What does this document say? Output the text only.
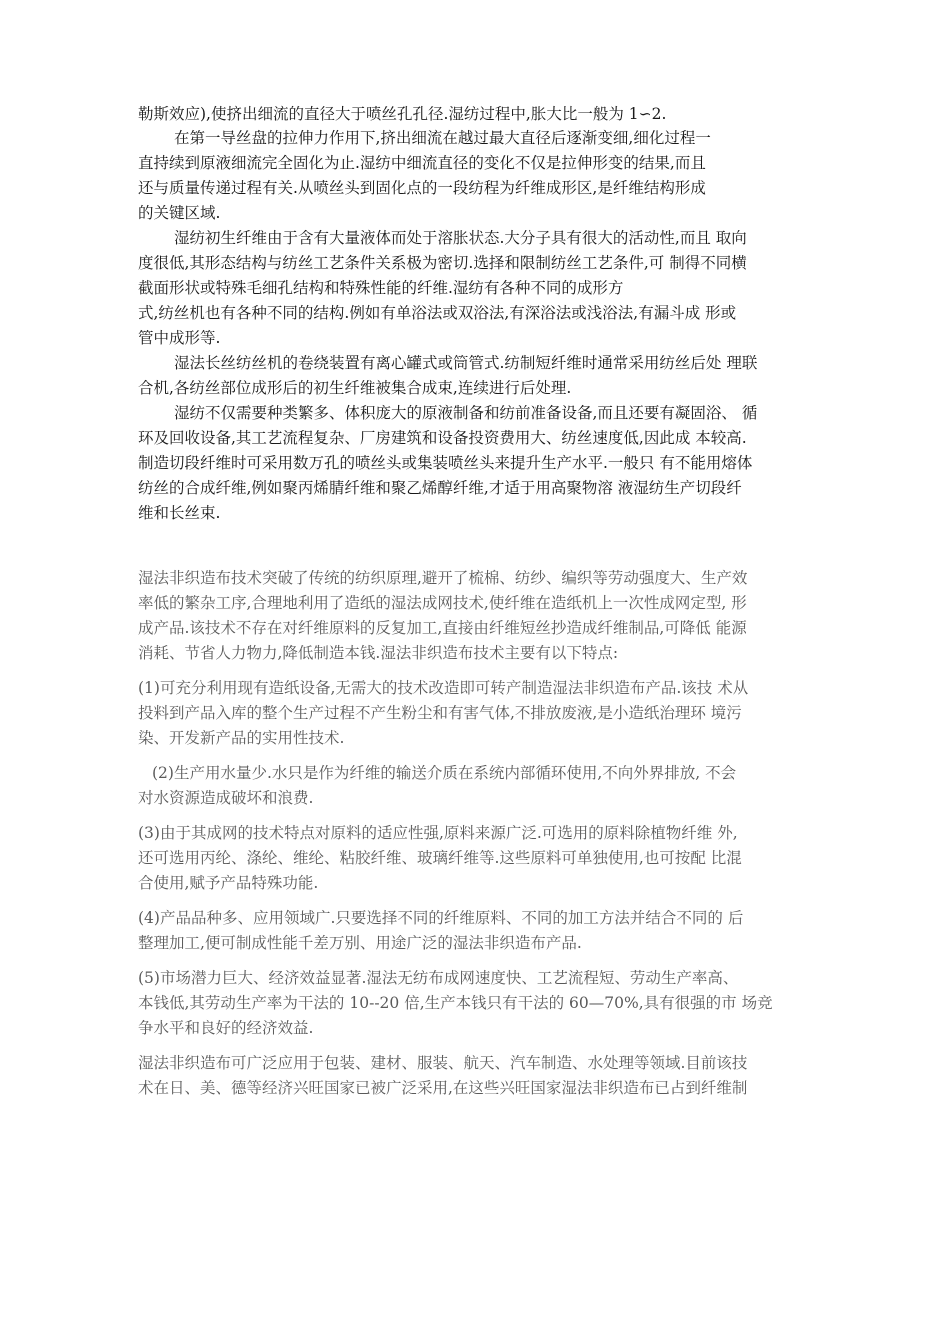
勒斯效应),使挤出细流的直径大于喷丝孔孔径.湿纺过程中,胀大比一般为 1∽2.
在第一导丝盘的拉伸力作用下,挤出细流在越过最大直径后逐渐变细,细化过程一
直持续到原液细流完全固化为止.湿纺中细流直径的变化不仅是拉伸形变的结果,而且
还与质量传递过程有关.从喷丝头到固化点的一段纺程为纤维成形区,是纤维结构形成
的关键区域.
湿纺初生纤维由于含有大量液体而处于溶胀状态.大分子具有很大的活动性,而且 取向
度很低,其形态结构与纺丝工艺条件关系极为密切.选择和限制纺丝工艺条件,可 制得不同横
截面形状或特殊毛细孔结构和特殊性能的纤维.湿纺有各种不同的成形方
式,纺丝机也有各种不同的结构.例如有单浴法或双浴法,有深浴法或浅浴法,有漏斗成 形或
管中成形等.
湿法长丝纺丝机的卷绕装置有离心罐式或筒管式.纺制短纤维时通常采用纺丝后处 理联
合机,各纺丝部位成形后的初生纤维被集合成束,连续进行后处理.
湿纺不仅需要种类繁多、体积庞大的原液制备和纺前准备设备,而且还要有凝固浴、 循
环及回收设备,其工艺流程复杂、厂房建筑和设备投资费用大、纺丝速度低,因此成 本较高.
制造切段纤维时可采用数万孔的喷丝头或集装喷丝头来提升生产水平.一般只 有不能用熔体
纺丝的合成纤维,例如聚丙烯腈纤维和聚乙烯醇纤维,才适于用高聚物溶 液湿纺生产切段纤
维和长丝束.
湿法非织造布技术突破了传统的纺织原理,避开了梳棉、纺纱、编织等劳动强度大、生产效
率低的繁杂工序,合理地利用了造纸的湿法成网技术,使纤维在造纸机上一次性成网定型, 形
成产品.该技术不存在对纤维原料的反复加工,直接由纤维短丝抄造成纤维制品,可降低 能源
消耗、节省人力物力,降低制造本钱.湿法非织造布技术主要有以下特点:
(1)可充分利用现有造纸设备,无需大的技术改造即可转产制造湿法非织造布产品.该技 术从
投料到产品入库的整个生产过程不产生粉尘和有害气体,不排放废液,是小造纸治理环 境污
染、开发新产品的实用性技术.
(2)生产用水量少.水只是作为纤维的输送介质在系统内部循环使用,不向外界排放, 不会
对水资源造成破坏和浪费.
(3)由于其成网的技术特点对原料的适应性强,原料来源广泛.可选用的原料除植物纤维 外,
还可选用丙纶、涤纶、维纶、粘胶纤维、玻璃纤维等.这些原料可单独使用,也可按配 比混
合使用,赋予产品特殊功能.
(4)产品品种多、应用领域广.只要选择不同的纤维原料、不同的加工方法并结合不同的 后
整理加工,便可制成性能千差万别、用途广泛的湿法非织造布产品.
(5)市场潜力巨大、经济效益显著.湿法无纺布成网速度快、工艺流程短、劳动生产率高、
本钱低,其劳动生产率为干法的 10--20 倍,生产本钱只有干法的 60—70%,具有很强的市 场竞
争水平和良好的经济效益.
湿法非织造布可广泛应用于包装、建材、服装、航天、汽车制造、水处理等领域.目前该技
术在日、美、德等经济兴旺国家已被广泛采用,在这些兴旺国家湿法非织造布已占到纤维制
